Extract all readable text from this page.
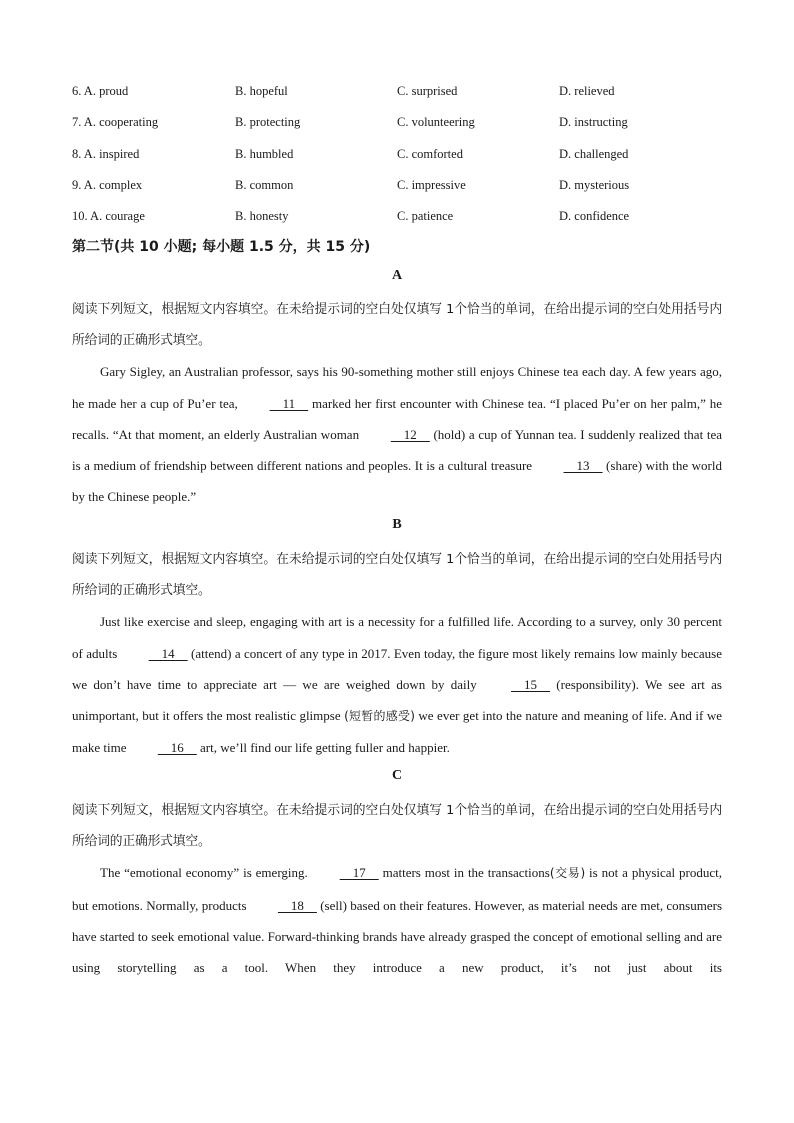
6. A. proud	B. hopeful	C. surprised	D. relieved
7. A. cooperating	B. protecting	C. volunteering	D. instructing
8. A. inspired	B. humbled	C. comforted	D. challenged
9. A. complex	B. common	C. impressive	D. mysterious
10. A. courage	B. honesty	C. patience	D. confidence
第二节(共 10 小题; 每小题 1.5 分，共 15 分)
A

阅读下列短文，根据短文内容填空。在未给提示词的空白处仅填写 1个恰当的单词，在给出提示词的空白处用括号内所给词的正确形式填空。

Gary Sigley, an Australian professor, says his 90-something mother still enjoys Chinese tea each day. A few years ago, he made her a cup of Pu’er tea,     11     marked her first encounter with Chinese tea. “I placed Pu’er on her palm,” he recalls. “At that moment, an elderly Australian woman     12     (hold) a cup of Yunnan tea. I suddenly realized that tea is a medium of friendship between different nations and peoples. It is a cultural treasure     13     (share) with the world by the Chinese people.”

B

阅读下列短文，根据短文内容填空。在未给提示词的空白处仅填写 1个恰当的单词，在给出提示词的空白处用括号内所给词的正确形式填空。

Just like exercise and sleep, engaging with art is a necessity for a fulfilled life. According to a survey, only 30 percent of adults     14     (attend) a concert of any type in 2017. Even today, the figure most likely remains low mainly because we don’t have time to appreciate art — we are weighed down by daily     15     (responsibility). We see art as unimportant, but it offers the most realistic glimpse (短暂的感受) we ever get into the nature and meaning of life. And if we make time     16     art, we’ll find our life getting fuller and happier.

C

阅读下列短文，根据短文内容填空。在未给提示词的空白处仅填写 1个恰当的单词，在给出提示词的空白处用括号内所给词的正确形式填空。

The “emotional economy” is emerging.     17     matters most in the transactions(交易) is not a physical product, but emotions. Normally, products     18     (sell) based on their features. However, as material needs are met, consumers have started to seek emotional value. Forward-thinking brands have already grasped the concept of emotional selling and are using storytelling as a tool. When they introduce a new product, it’s not just about its
